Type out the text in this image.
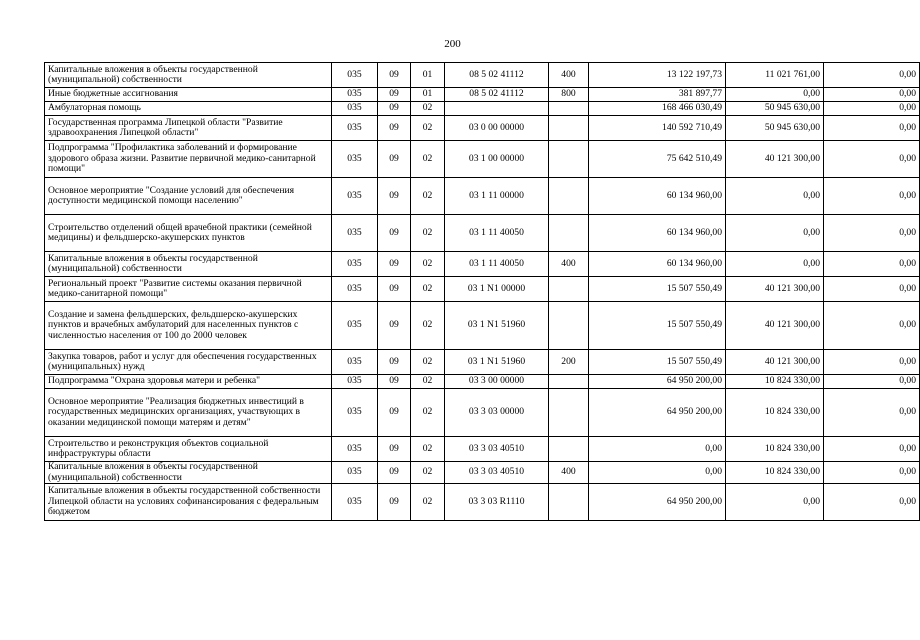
200
Капитальные вложения в объекты государственной (муниципальной) собственности	035	09	01	08 5 02 41112	400	13 122 197,73	11 021 761,00	0,00
Иные бюджетные ассигнования	035	09	01	08 5 02 41112	800	381 897,77	0,00	0,00
Амбулаторная помощь	035	09	02			168 466 030,49	50 945 630,00	0,00
Государственная программа Липецкой области "Развитие здравоохранения Липецкой области"	035	09	02	03 0 00 00000		140 592 710,49	50 945 630,00	0,00
Подпрограмма "Профилактика заболеваний и формирование здорового образа жизни. Развитие первичной медико-санитарной помощи"	035	09	02	03 1 00 00000		75 642 510,49	40 121 300,00	0,00
Основное мероприятие "Создание условий для обеспечения доступности медицинской помощи населению"	035	09	02	03 1 11 00000		60 134 960,00	0,00	0,00
Строительство отделений общей врачебной практики (семейной медицины) и фельдшерско-акушерских пунктов	035	09	02	03 1 11 40050		60 134 960,00	0,00	0,00
Капитальные вложения в объекты государственной (муниципальной) собственности	035	09	02	03 1 11 40050	400	60 134 960,00	0,00	0,00
Региональный проект "Развитие системы оказания первичной медико-санитарной помощи"	035	09	02	03 1 N1 00000		15 507 550,49	40 121 300,00	0,00
Создание и замена фельдшерских, фельдшерско-акушерских пунктов и врачебных амбулаторий для населенных пунктов с численностью населения от 100 до 2000 человек	035	09	02	03 1 N1 51960		15 507 550,49	40 121 300,00	0,00
Закупка товаров, работ и услуг для обеспечения государственных (муниципальных) нужд	035	09	02	03 1 N1 51960	200	15 507 550,49	40 121 300,00	0,00
Подпрограмма "Охрана здоровья матери и ребенка"	035	09	02	03 3 00 00000		64 950 200,00	10 824 330,00	0,00
Основное мероприятие "Реализация бюджетных инвестиций в государственных медицинских организациях, участвующих в оказании медицинской помощи матерям и детям"	035	09	02	03 3 03 00000		64 950 200,00	10 824 330,00	0,00
Строительство и реконструкция объектов социальной инфраструктуры области	035	09	02	03 3 03 40510		0,00	10 824 330,00	0,00
Капитальные вложения в объекты государственной (муниципальной) собственности	035	09	02	03 3 03 40510	400	0,00	10 824 330,00	0,00
Капитальные вложения в объекты государственной собственности Липецкой области на условиях софинансирования с федеральным бюджетом	035	09	02	03 3 03 R1110		64 950 200,00	0,00	0,00
